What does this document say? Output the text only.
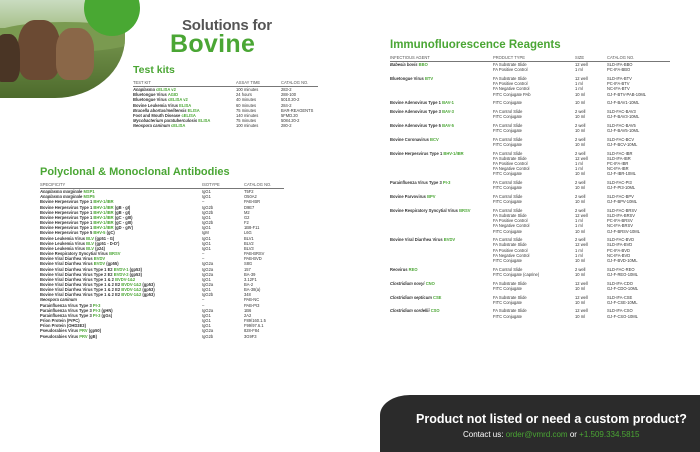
Solutions for
Bovine
Test kits
TEST KIT	ASSAY TIME	CATALOG NO.
Anaplasma cELISA v2	100 minutes	283-2
Bluetongue Virus AGID	24 hours	288-100
Bluetongue Virus cELISA v2	40 minutes	5010.20-2
Bovine Leukemia Virus ELISA	60 minutes	284-2
Brucella abortus/melitensis ELISA	75 minutes	BAR-REAGENTS
Foot and Mouth Disease cELISA	140 minutes	5FMD.20
Mycobacterium paratuberculosis ELISA	75 minutes	5084.20-2
Neospora caninum cELISA	100 minutes	280-2
Polyclonal & Monoclonal Antibodies
SPECIFICITY	ISOTYPE	CATALOG NO.
Anaplasma marginale MSP1	IgG1	T5F2
Anaplasma marginale MSP5	IgG1	O50A2
Bovine Herpesvirus Type 1 BHV-1/IBR	–	PAB-IBR
Bovine Herpesvirus Type 1 BHV-1/IBR (gB - gI)	IgG2b	D9E7
Bovine Herpesvirus Type 1 BHV-1/IBR (gB - gI)	IgG2b	M2
Bovine Herpesvirus Type 1 BHV-1/IBR (gC - gIII)	IgG1	G2
Bovine Herpesvirus Type 1 BHV-1/IBR (gC - gIII)	IgG2b	F2
Bovine Herpesvirus Type 1 BHV-1/IBR (gD - gIV)	IgG1	1B8-F11
Bovine Herpesvirus Type 5 BHV-5 (gC)	IgM	L6G
Bovine Leukemia Virus BLV (gp51 - G)	IgG1	BLV1
Bovine Leukemia Virus BLV (gp51 - D-D')	IgG1	BLV2
Bovine Leukemia Virus BLV (p24)	IgG1	BLV3
Bovine Respiratory Syncytial Virus BRSV	–	PAB-BRSV
Bovine Viral Diarrhea Virus BVDV	–	PAB-BVD
Bovine Viral Diarrhea Virus BVDV (gp55)	IgG2a	S8G
Bovine Viral Diarrhea Virus Type 1 E2 BVDV-1 (gp53)	IgG2a	157
Bovine Viral Diarrhea Virus Type 2 E2 BVDV-2 (gp53)	IgG2a	BA-39
Bovine Viral Diarrhea Virus Type 1 & 2 BVDV-1&2	IgG1	3.12F1
Bovine Viral Diarrhea Virus Type 1 & 2 E2 BVDV-1&2 (gp53)	IgG2a	BA-2
Bovine Viral Diarrhea Virus Type 1 & 2 E2 BVDV-1&2 (gp53)	IgG1	BA-38(a)
Bovine Viral Diarrhea Virus Type 1 & 2 E2 BVDV-1&2 (gp53)	IgG2b	348
Neospora caninum	–	PAB-NC
Parainfluenza Virus Type 3 PI-3	–	PAB-PI3
Parainfluenza Virus Type 3 PI-3 (gHN)	IgG2a	1B6
Parainfluenza Virus Type 3 PI-3 (gGs)	IgG1	2A2
Prion Protein (PrPC)	IgG1	F89/160.1.5
Prion Protein (OHD3E3)	IgG1	F99/97.6.1
Pseudorabies Virus PRV (gp50)	IgG2a	828-F84
Pseudorabies Virus PRV (gB)	IgG2b	3G9F3
Immunofluorescence Reagents
INFECTIOUS AGENT	PRODUCT TYPE	SIZE	CATALOG NO.
Babesia bovis BBO	FA Substrate Slide	12 well	SLD-IFA-BBO
	FA Positive Control	1 ml	PC-IFA-BBO

Bluetongue Virus BTV	FA Substrate Slide	12 well	SLD-IFA-BTV
	FA Positive Control	1 ml	PC-IFA-BTV
	FA Negative Control	1 ml	NC-IFA-BTV
	FITC Conjugate PAb	10 ml	GJ-F-BTV-PAB-10ML

Bovine Adenovirus Type 1 BAV-1	FITC Conjugate	10 ml	GJ-F-BAV1-10ML

Bovine Adenovirus Type 3 BAV-3	FA Control Slide	2 well	SLD-FAC-BAV3
	FITC Conjugate	10 ml	GJ-F-BAV3-10ML

Bovine Adenovirus Type 5 BAV-5	FA Control Slide	2 well	SLD-FAC-BAV5
	FITC Conjugate	10 ml	GJ-F-BAV5-10ML

Bovine Coronavirus BCV	FA Control Slide	2 well	SLD-FAC-BCV
	FITC Conjugate	10 ml	GJ-F-BCV-10ML

Bovine Herpesvirus Type 1 BHV-1/IBR	FA Control Slide	2 well	SLD-FAC-IBR
	FA Substrate Slide	12 well	SLD-IFA-IBR
	FA Positive Control	1 ml	PC-IFA-IBR
	FA Negative Control	1 ml	NC-IFA-IBR
	FITC Conjugate	10 ml	GJ-F-IBR-10ML

Parainfluenza Virus Type 3 PI-3	FA Control Slide	2 well	SLD-FAC-PI3
	FITC Conjugate	10 ml	GJ-F-PI3-10ML

Bovine Parvovirus BPV	FA Control Slide	2 well	SLD-FAC-BPV
	FITC Conjugate	10 ml	GJ-F-BPV-10ML

Bovine Respiratory Syncytial Virus BRSV	FA Control Slide	2 well	SLD-FAC-BRSV
	FA Substrate Slide	12 well	SLD-IFA-BRSV
	FA Positive Control	1 ml	PC-IFA-BRSV
	FA Negative Control	1 ml	NC-IFA-BRSV
	FITC Conjugate	10 ml	GJ-F-BRSV-10ML

Bovine Viral Diarrhea Virus BVDV	FA Control Slide	2 well	SLD-FAC-BVD
	FA Substrate Slide	12 well	SLD-IFA-BVD
	FA Positive Control	1 ml	PC-IFA-BVD
	FA Negative Control	1 ml	NC-IFA-BVD
	FITC Conjugate	10 ml	GJ-F-BVD-10ML

Reovirus REO	FA Control Slide	2 well	SLD-FAC-REO
	FITC Conjugate (caprine)	10 ml	GJ-F-REO-10ML

Clostridium novyi CNO	FA Substrate Slide	12 well	SLD-IFA-CDO
	FITC Conjugate	10 ml	GJ-F-CDO-10ML

Clostridium septicum CSE	FA Substrate Slide	12 well	SLD-IFA-CSE
	FITC Conjugate	10 ml	GJ-F-CSE-10ML

Clostridium sordellii CSO	FA Substrate Slide	12 well	SLD-IFA-CSO
	FITC Conjugate	10 ml	GJ-F-CSO-10ML

Product not listed or need a custom product?
Contact us: order@vmrd.com or +1.509.334.5815
